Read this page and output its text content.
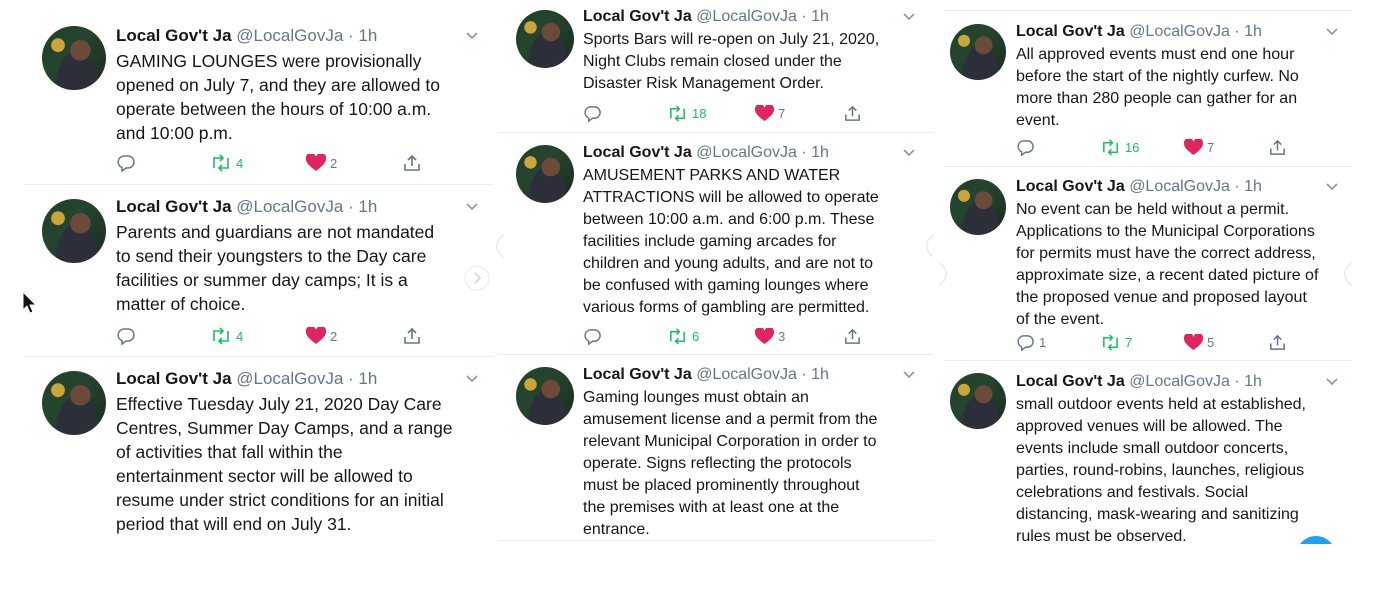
Local Gov't Ja @LocalGovJa · 1h
GAMING LOUNGES were provisionally
opened on July 7, and they are allowed to
operate between the hours of 10:00 a.m.
and 10:00 p.m.
4	2
Local Gov't Ja @LocalGovJa · 1h
Parents and guardians are not mandated
to send their youngsters to the Day care
facilities or summer day camps; It is a
matter of choice.
4	2
Local Gov't Ja @LocalGovJa · 1h
Effective Tuesday July 21, 2020 Day Care
Centres, Summer Day Camps, and a range
of activities that fall within the
entertainment sector will be allowed to
resume under strict conditions for an initial
period that will end on July 31.
Local Gov't Ja @LocalGovJa · 1h
Sports Bars will re-open on July 21, 2020,
Night Clubs remain closed under the
Disaster Risk Management Order.
18	7
Local Gov't Ja @LocalGovJa · 1h
AMUSEMENT PARKS AND WATER
ATTRACTIONS will be allowed to operate
between 10:00 a.m. and 6:00 p.m. These
facilities include gaming arcades for
children and young adults, and are not to
be confused with gaming lounges where
various forms of gambling are permitted.
6	3
Local Gov't Ja @LocalGovJa · 1h
Gaming lounges must obtain an
amusement license and a permit from the
relevant Municipal Corporation in order to
operate. Signs reflecting the protocols
must be placed prominently throughout
the premises with at least one at the
entrance.
Local Gov't Ja @LocalGovJa · 1h
All approved events must end one hour
before the start of the nightly curfew. No
more than 280 people can gather for an
event.
16	7
Local Gov't Ja @LocalGovJa · 1h
No event can be held without a permit.
Applications to the Municipal Corporations
for permits must have the correct address,
approximate size, a recent dated picture of
the proposed venue and proposed layout
of the event.
1	7	5
Local Gov't Ja @LocalGovJa · 1h
small outdoor events held at established,
approved venues will be allowed. The
events include small outdoor concerts,
parties, round-robins, launches, religious
celebrations and festivals. Social
distancing, mask-wearing and sanitizing
rules must be observed.
